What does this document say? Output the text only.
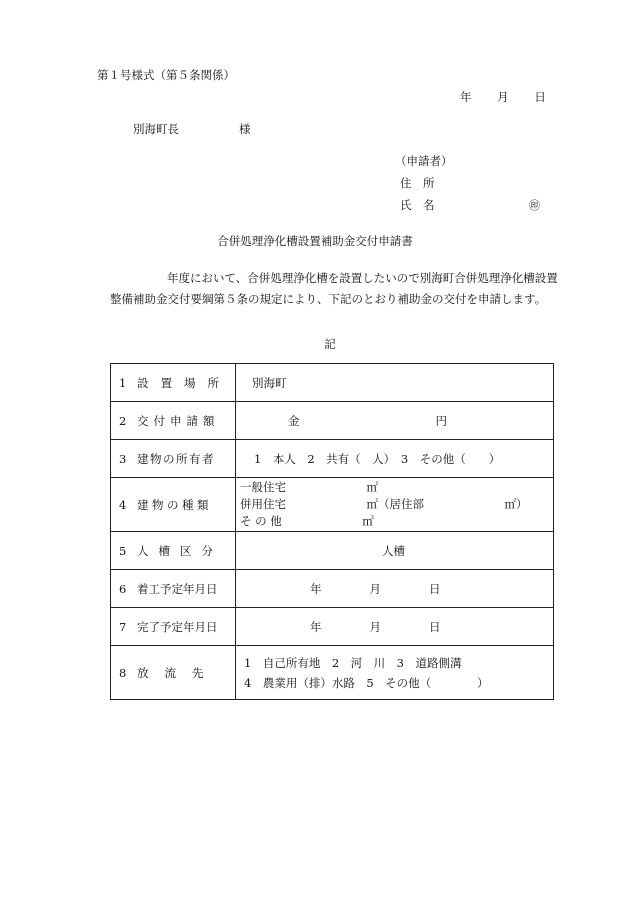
第１号様式（第５条関係）
年 月 日
別海町長	様
（申請者）
住　所
氏　名	㊞
合併処理浄化槽設置補助金交付申請書
年度において、合併処理浄化槽を設置したいので別海町合併処理浄化槽設置
整備補助金交付要綱第５条の規定により、下記のとおり補助金の交付を申請します。
記
1 設置場所	別海町
2 交付申請額	金 円
3 建物の所有者	1　本人　2　共有（　人）　3　その他（　　）
4 建物の種類	一般住宅　　　　　　　㎡
併用住宅　　　　　　　㎡（居住部　　　　　　　㎡）
そ の 他　　　　　　　㎡

5 人槽区分	人槽
6 着工予定年月日	年 月 日
7 完了予定年月日	年 月 日
8 放流先	1　自己所有地　2　河　川　3　道路側溝
4　農業用（排）水路　5　その他（　　　　）
